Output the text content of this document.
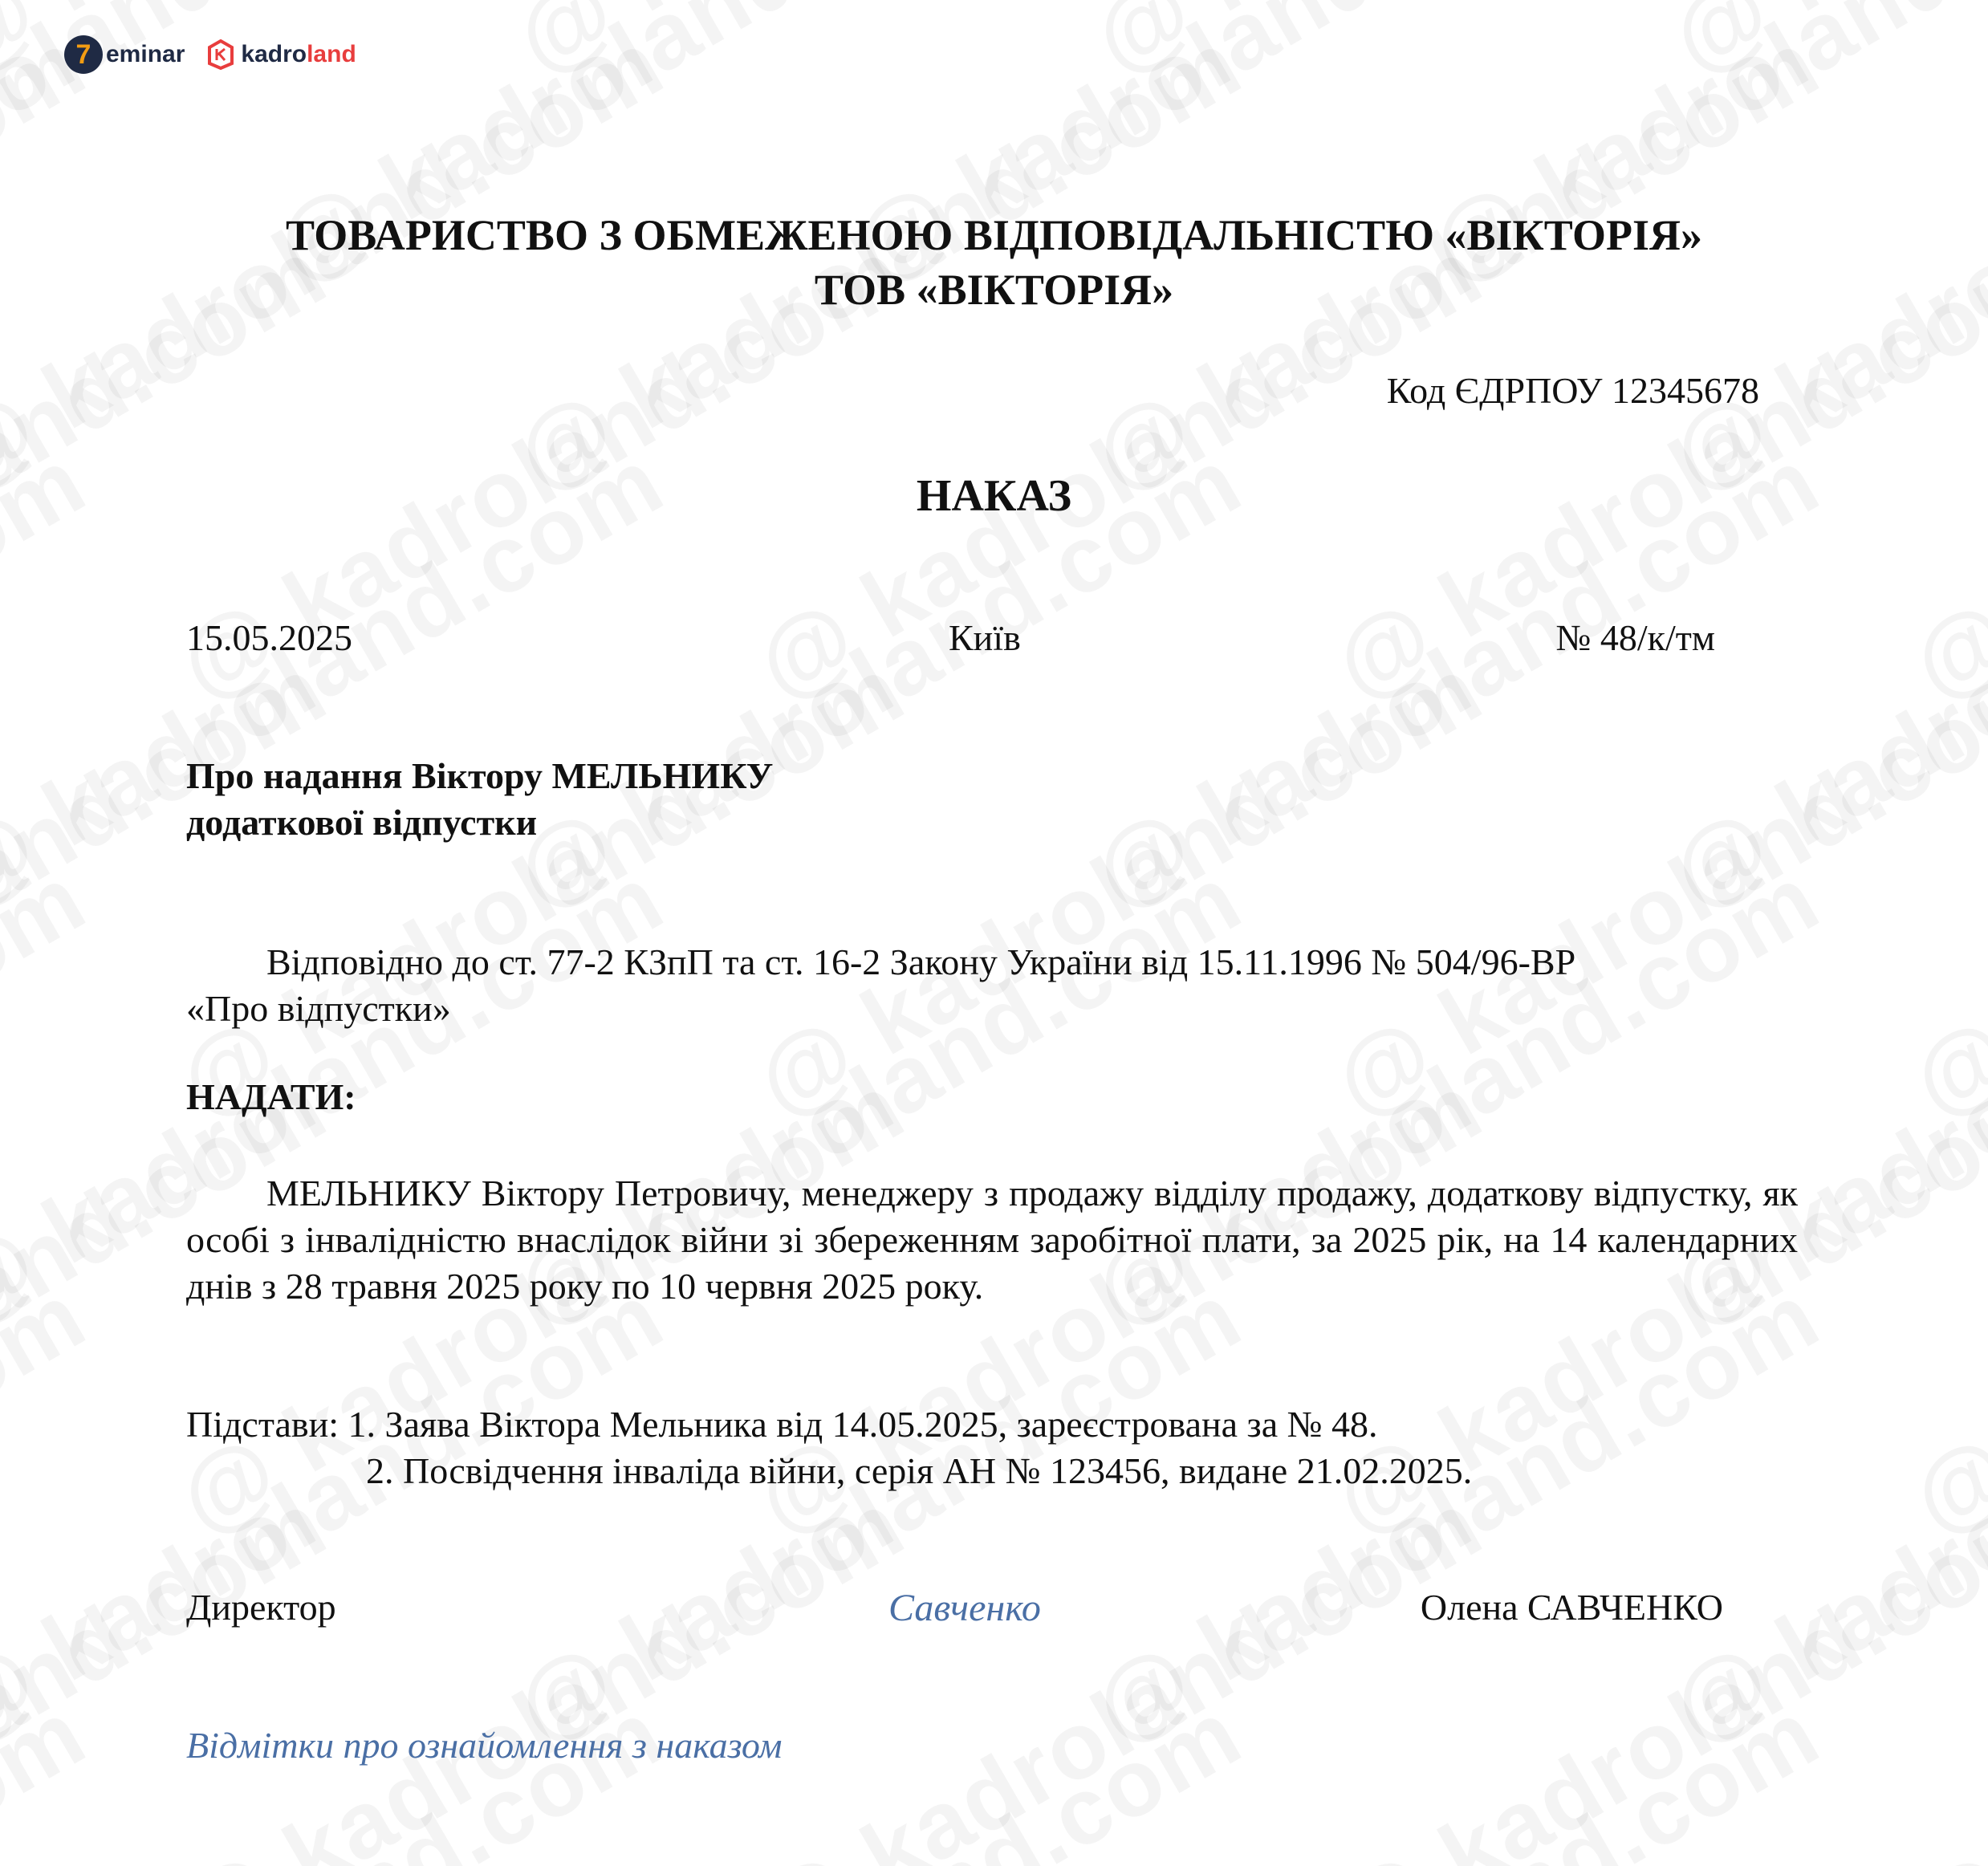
7 eminar kadro land
ТОВАРИСТВО З ОБМЕЖЕНОЮ ВІДПОВІДАЛЬНІСТЮ «ВІКТОРІЯ»
ТОВ «ВІКТОРІЯ»
Код ЄДРПОУ 12345678
НАКАЗ
15.05.2025	Київ	№ 48/к/тм
Про надання Віктору МЕЛЬНИКУ
додаткової відпустки
Відповідно до ст. 77-2 КЗпП та ст. 16-2 Закону України від 15.11.1996 № 504/96-ВР
«Про відпустки»
НАДАТИ:
МЕЛЬНИКУ Віктору Петровичу, менеджеру з продажу відділу продажу, додаткову відпустку, як особі з інвалідністю внаслідок війни зі збереженням заробітної плати, за 2025 рік, на 14 календарних днів з 28 травня 2025 року по 10 червня 2025 року.
Підстави: 1. Заява Віктора Мельника від 14.05.2025, зареєстрована за № 48.
2. Посвідчення інваліда війни, серія АН № 123456, видане 21.02.2025.
Директор	Савченко	Олена САВЧЕНКО
Відмітки про ознайомлення з наказом
